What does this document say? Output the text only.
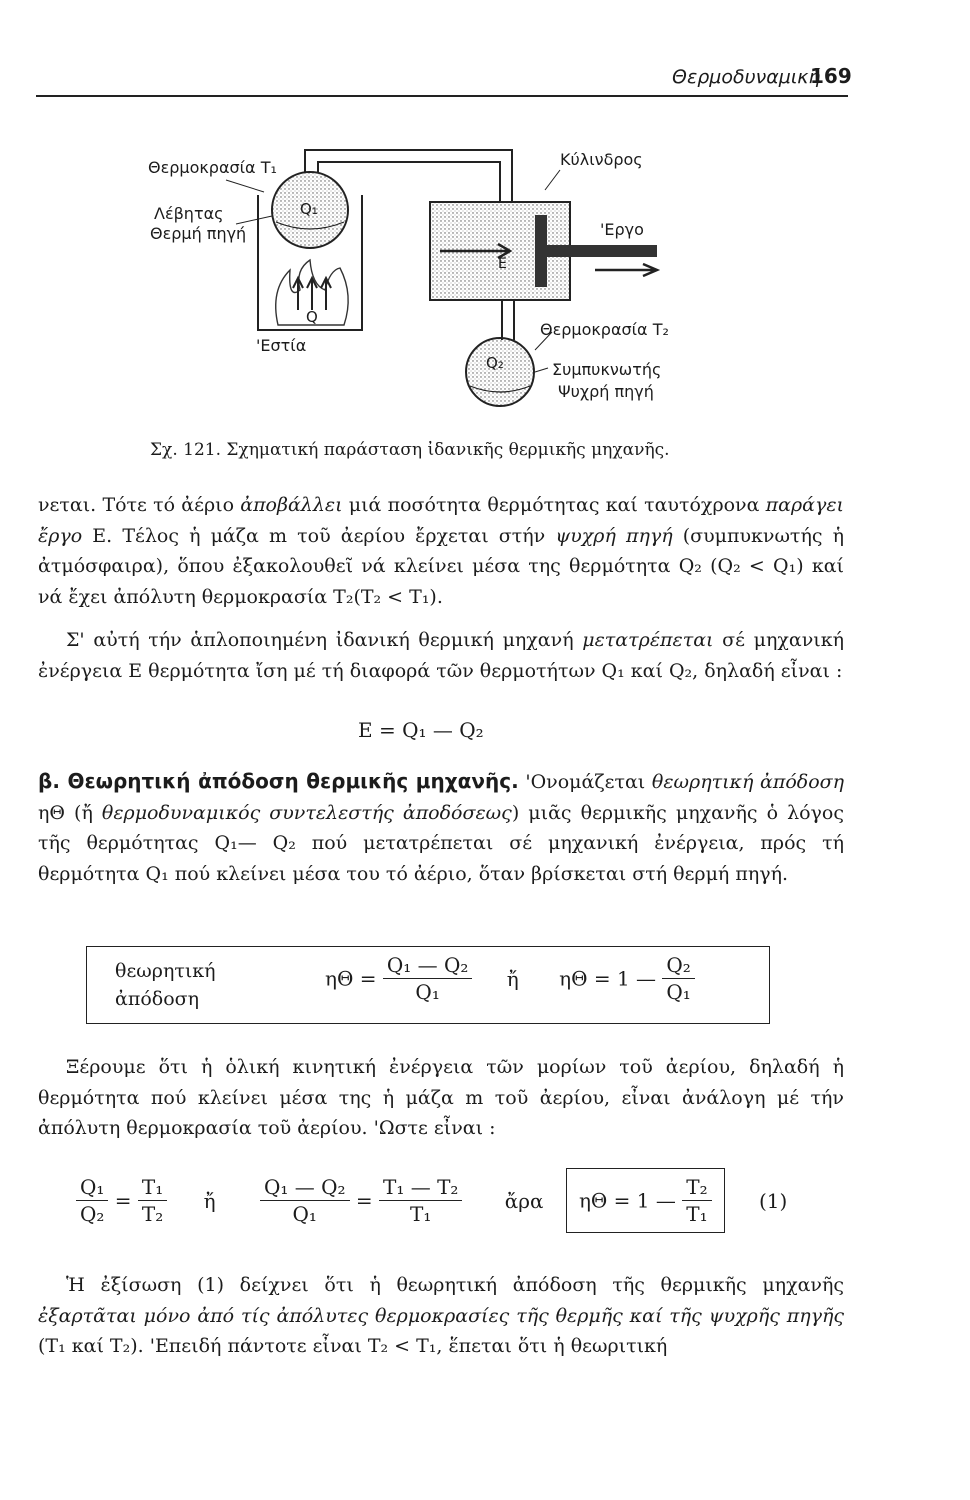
Θερμοδυναμική
169
Θερμοκρασία T₁
Λέβητας
Θερμή πηγή
Q₁
Q
'Εστία
Κύλινδρος
'Εργο
E
Θερμοκρασία T₂
Q₂	Συμπυκνωτής
Ψυχρή πηγή
Σχ. 121. Σχηματική παράσταση ἰδανικῆς θερμικῆς μηχανῆς.

νεται. Τότε τό ἀέριο ἀποβάλλει μιά ποσότητα θερμότητας καί ταυτόχρονα παράγει ἔργο E. Τέλος ἡ μάζα m τοῦ ἀερίου ἔρχεται στήν ψυχρή πηγή (συμπυκνωτής ἡ ἀτμόσφαιρα), ὅπου ἐξακολουθεῖ νά κλείνει μέσα της θερμότητα Q₂ (Q₂ < Q₁) καί νά ἔχει ἀπόλυτη θερμοκρασία T₂(T₂ < T₁).

Σ' αὐτή τήν ἁπλοποιημένη ἰδανική θερμική μηχανή μετατρέπεται σέ μηχανική ἐνέργεια E θερμότητα ἴση μέ τή διαφορά τῶν θερμοτήτων Q₁ καί Q₂, δηλαδή εἶναι :

E = Q₁ — Q₂

β. Θεωρητική ἀπόδοση θερμικῆς μηχανῆς. 'Ονομάζεται θεωρητική ἀπόδοση ηΘ (ἤ θερμοδυναμικός συντελεστής ἀποδόσεως) μιᾶς θερμικῆς μηχανῆς ὁ λόγος τῆς θερμότητας Q₁— Q₂ πού μετατρέπεται σέ μηχανική ἐνέργεια, πρός τή θερμότητα Q₁ πού κλείνει μέσα του τό ἀέριο, ὅταν βρίσκεται στή θερμή πηγή.

θεωρητική
ἀπόδοση
$\eta\Theta = \frac{\text{Q₁ — Q₂}}{\text{Q₁}}$ ἤ ηΘ = 1 — $\frac{\text{Q₂}}{\text{Q₁}}$

Ξέρουμε ὅτι ἡ ὁλική κινητική ἐνέργεια τῶν μορίων τοῦ ἀερίου, δηλαδή ἡ θερμότητα πού κλείνει μέσα της ἡ μάζα m τοῦ ἀερίου, εἶναι ἀνάλογη μέ τήν ἀπόλυτη θερμοκρασία τοῦ ἀερίου. 'Ωστε εἶναι :

$\frac{\text{Q₁}}{\text{Q₂}} = \frac{\text{T₁}}{\text{T₂}}$ ἤ $\frac{\text{Q₁ — Q₂}}{\text{Q₁}} = \frac{\text{T₁ — T₂}}{\text{T₁}}$ ἄρα ηΘ = 1 — $\frac{\text{T₂}}{\text{T₁}} (1)$

Ἡ ἐξίσωση (1) δείχνει ὅτι ἡ θεωρητική ἀπόδοση τῆς θερμικῆς μηχανῆς ἐξαρτᾶται μόνο ἀπό τίς ἀπόλυτες θερμοκρασίες τῆς θερμῆς καί τῆς ψυχρῆς πηγῆς (T₁ καί T₂). 'Επειδή πάντοτε εἶναι T₂ < T₁, ἕπεται ὅτι ἡ θεωριτική
